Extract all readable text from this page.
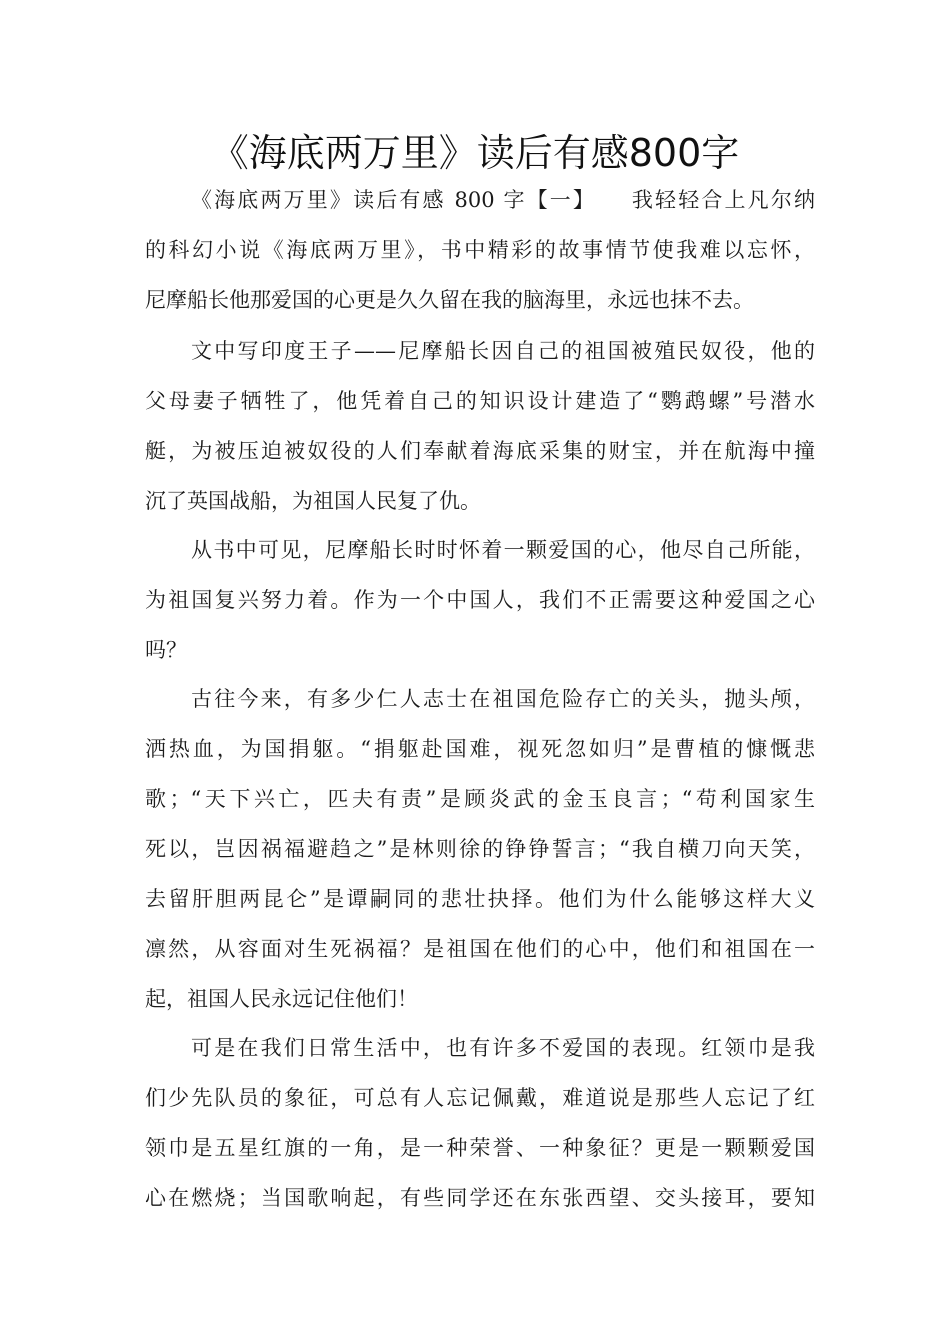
《海底两万里》读后有感800字
《海底两万里》读后有感 800 字【一】　　我轻轻合上凡尔纳
的科幻小说《海底两万里》，书中精彩的故事情节使我难以忘怀，
尼摩船长他那爱国的心更是久久留在我的脑海里，永远也抹不去。
文中写印度王子——尼摩船长因自己的祖国被殖民奴役，他的
父母妻子牺牲了，他凭着自己的知识设计建造了“鹦鹉螺”号潜水
艇，为被压迫被奴役的人们奉献着海底采集的财宝，并在航海中撞
沉了英国战船，为祖国人民复了仇。
从书中可见，尼摩船长时时怀着一颗爱国的心，他尽自己所能，
为祖国复兴努力着。作为一个中国人，我们不正需要这种爱国之心
吗？
古往今来，有多少仁人志士在祖国危险存亡的关头，抛头颅，
洒热血，为国捐躯。“捐躯赴国难，视死忽如归”是曹植的慷慨悲
歌；“天下兴亡，匹夫有责”是顾炎武的金玉良言；“苟利国家生
死以，岂因祸福避趋之”是林则徐的铮铮誓言；“我自横刀向天笑，
去留肝胆两昆仑”是谭嗣同的悲壮抉择。他们为什么能够这样大义
凛然，从容面对生死祸福？是祖国在他们的心中，他们和祖国在一
起，祖国人民永远记住他们！
可是在我们日常生活中，也有许多不爱国的表现。红领巾是我
们少先队员的象征，可总有人忘记佩戴，难道说是那些人忘记了红
领巾是五星红旗的一角，是一种荣誉、一种象征？更是一颗颗爱国
心在燃烧；当国歌响起，有些同学还在东张西望、交头接耳，要知
